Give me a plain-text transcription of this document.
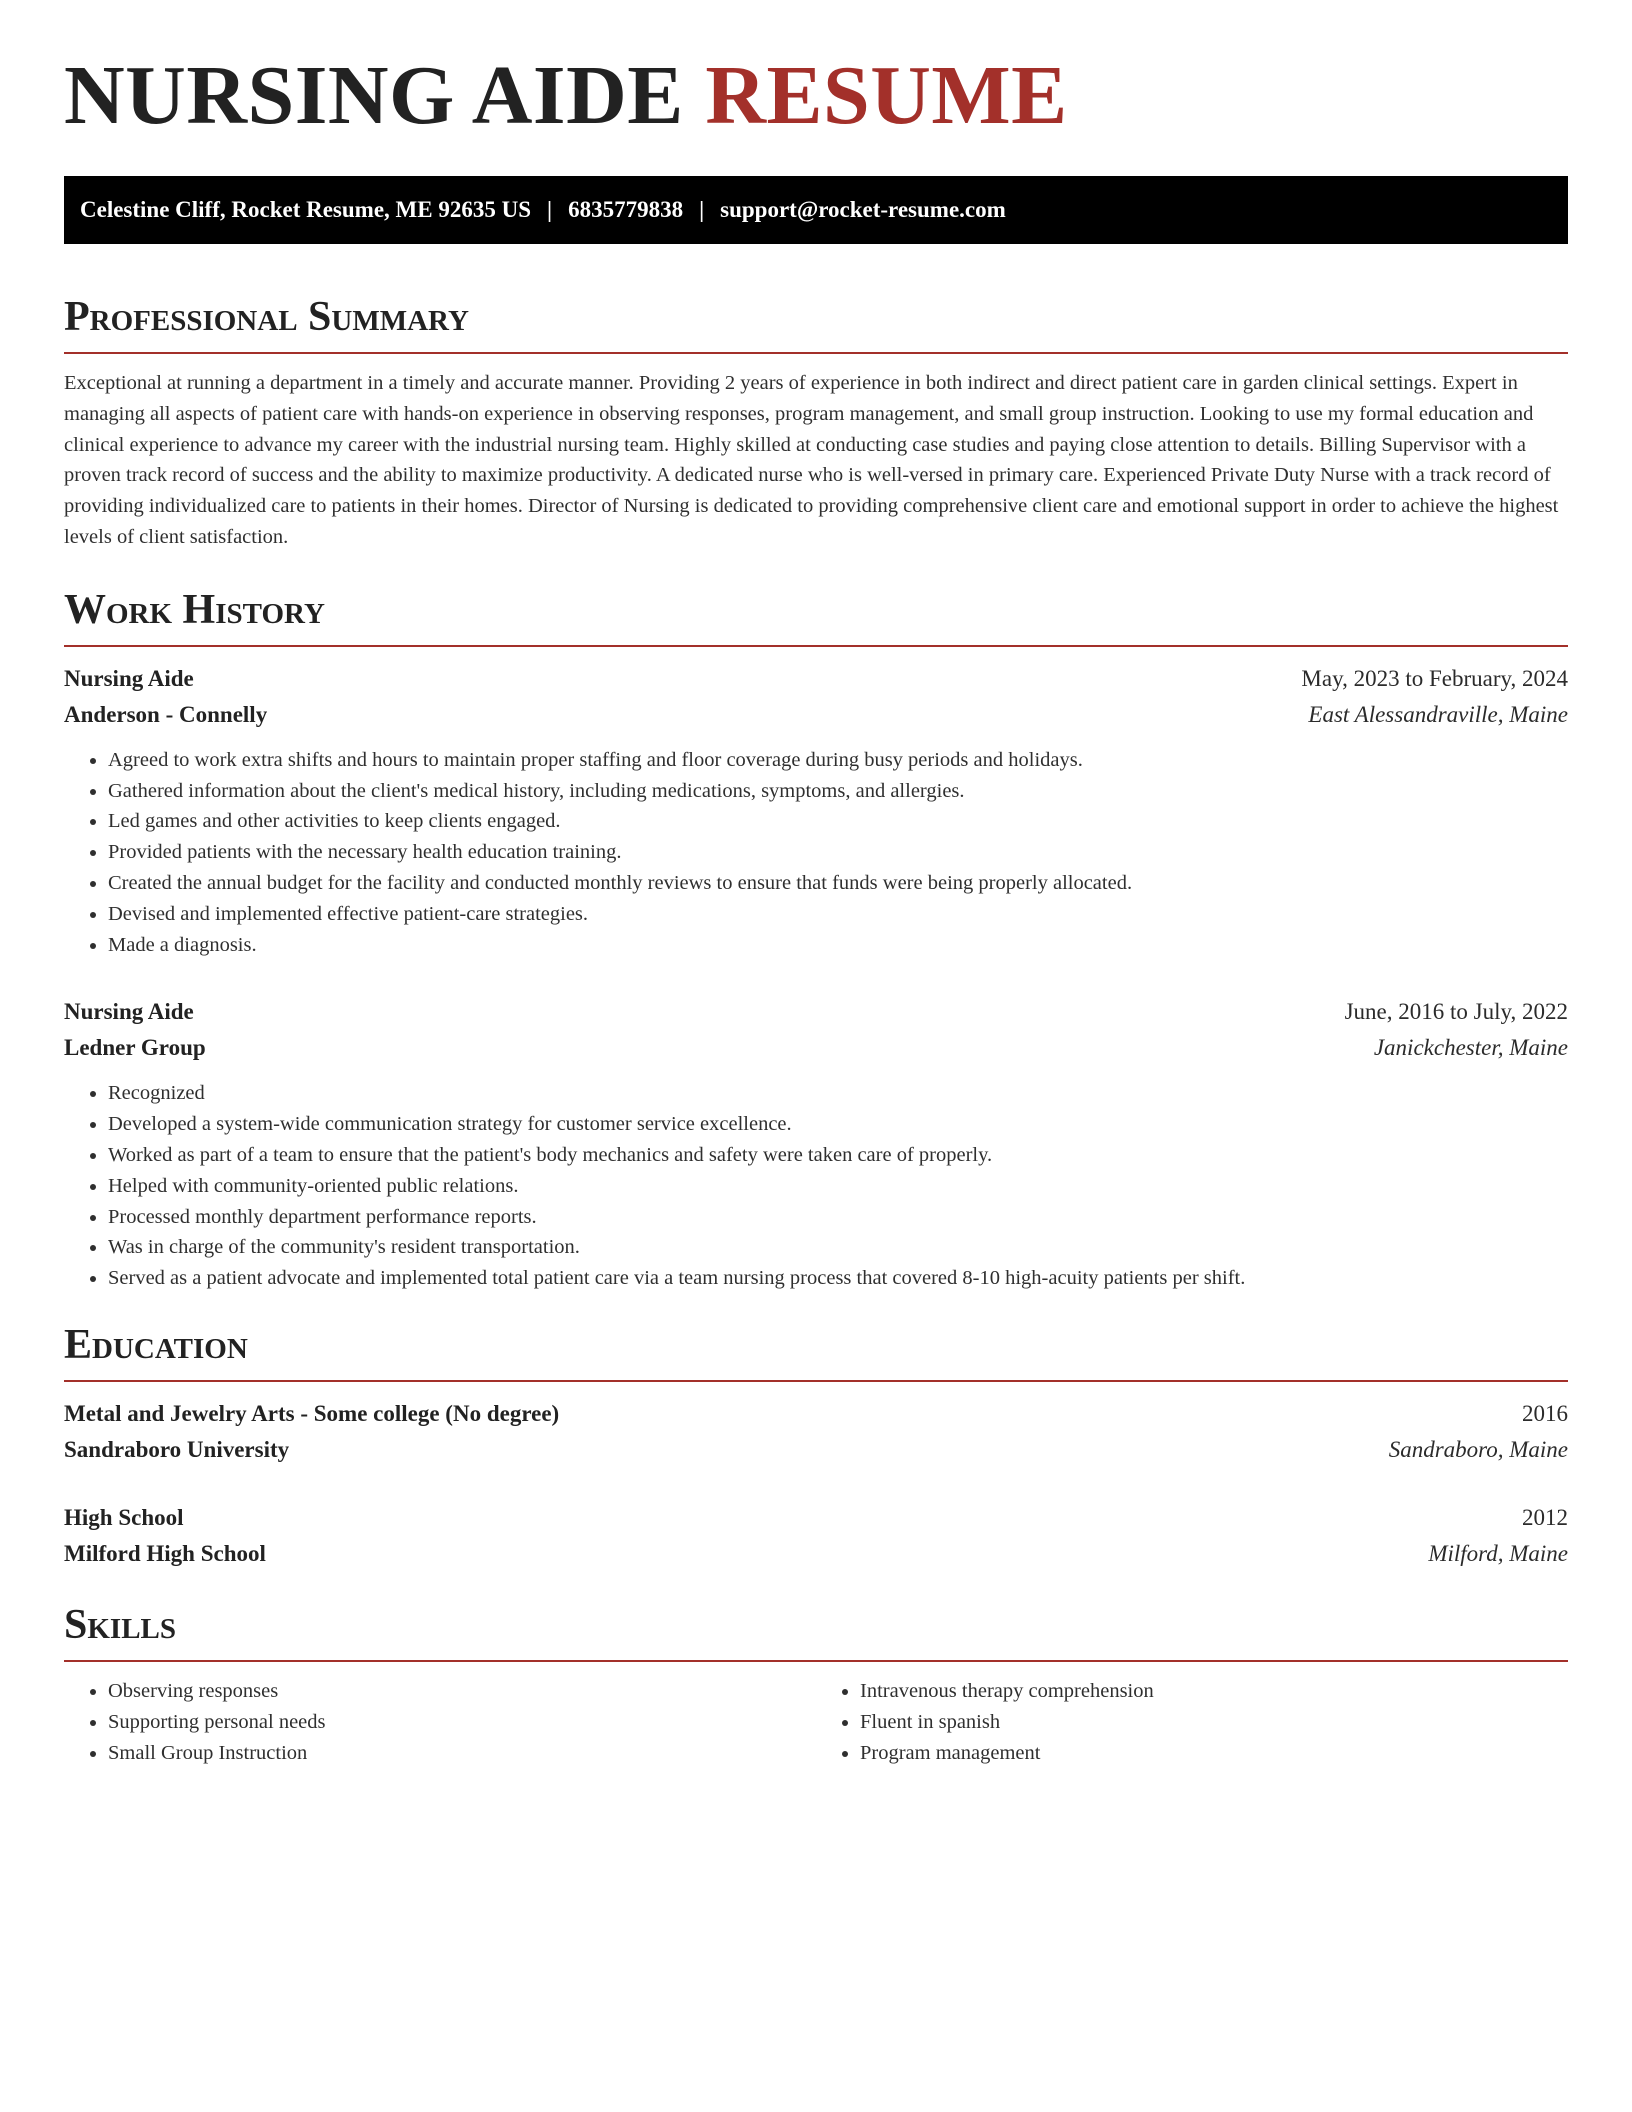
NURSING AIDE RESUME
Celestine Cliff, Rocket Resume, ME 92635 US | 6835779838 | support@rocket-resume.com
Professional Summary

Exceptional at running a department in a timely and accurate manner. Providing 2 years of experience in both indirect and direct patient care in garden clinical settings. Expert in managing all aspects of patient care with hands-on experience in observing responses, program management, and small group instruction. Looking to use my formal education and clinical experience to advance my career with the industrial nursing team. Highly skilled at conducting case studies and paying close attention to details. Billing Supervisor with a proven track record of success and the ability to maximize productivity. A dedicated nurse who is well-versed in primary care. Experienced Private Duty Nurse with a track record of providing individualized care to patients in their homes. Director of Nursing is dedicated to providing comprehensive client care and emotional support in order to achieve the highest levels of client satisfaction.

Work History
Nursing Aide	May, 2023 to February, 2024
Anderson - Connelly	East Alessandraville, Maine
• Agreed to work extra shifts and hours to maintain proper staffing and floor coverage during busy periods and holidays.
• Gathered information about the client's medical history, including medications, symptoms, and allergies.
• Led games and other activities to keep clients engaged.
• Provided patients with the necessary health education training.
• Created the annual budget for the facility and conducted monthly reviews to ensure that funds were being properly allocated.
• Devised and implemented effective patient-care strategies.
• Made a diagnosis.
Nursing Aide	June, 2016 to July, 2022
Ledner Group	Janickchester, Maine
• Recognized
• Developed a system-wide communication strategy for customer service excellence.
• Worked as part of a team to ensure that the patient's body mechanics and safety were taken care of properly.
• Helped with community-oriented public relations.
• Processed monthly department performance reports.
• Was in charge of the community's resident transportation.
• Served as a patient advocate and implemented total patient care via a team nursing process that covered 8-10 high-acuity patients per shift.
Education
Metal and Jewelry Arts - Some college (No degree)	2016
Sandraboro University	Sandraboro, Maine
High School	2012
Milford High School	Milford, Maine
Skills
• Observing responses
• Supporting personal needs
• Small Group Instruction
• Intravenous therapy comprehension
• Fluent in spanish
• Program management
